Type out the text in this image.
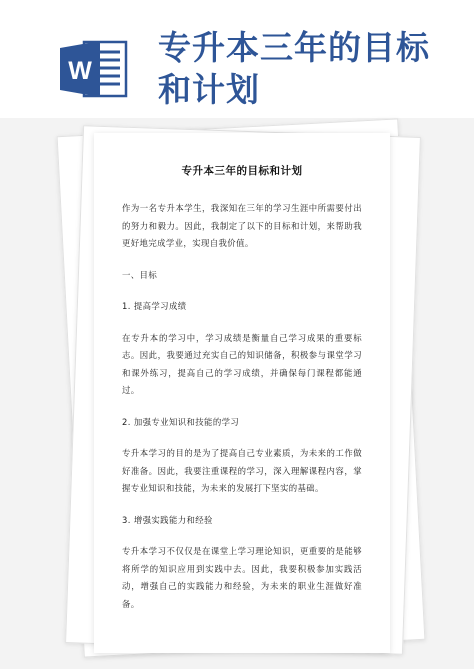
W
专升本三年的目标
和计划
专升本三年的目标和计划

作为一名专升本学生，我深知在三年的学习生涯中所需要付出的努力和毅力。因此，我制定了以下的目标和计划，来帮助我更好地完成学业，实现自我价值。

一、目标

1. 提高学习成绩

在专升本的学习中，学习成绩是衡量自己学习成果的重要标志。因此，我要通过充实自己的知识储备，积极参与课堂学习和课外练习，提高自己的学习成绩，并确保每门课程都能通过。

2. 加强专业知识和技能的学习

专升本学习的目的是为了提高自己专业素质，为未来的工作做好准备。因此，我要注重课程的学习，深入理解课程内容，掌握专业知识和技能，为未来的发展打下坚实的基础。

3. 增强实践能力和经验

专升本学习不仅仅是在课堂上学习理论知识，更重要的是能够将所学的知识应用到实践中去。因此，我要积极参加实践活动，增强自己的实践能力和经验，为未来的职业生涯做好准备。
